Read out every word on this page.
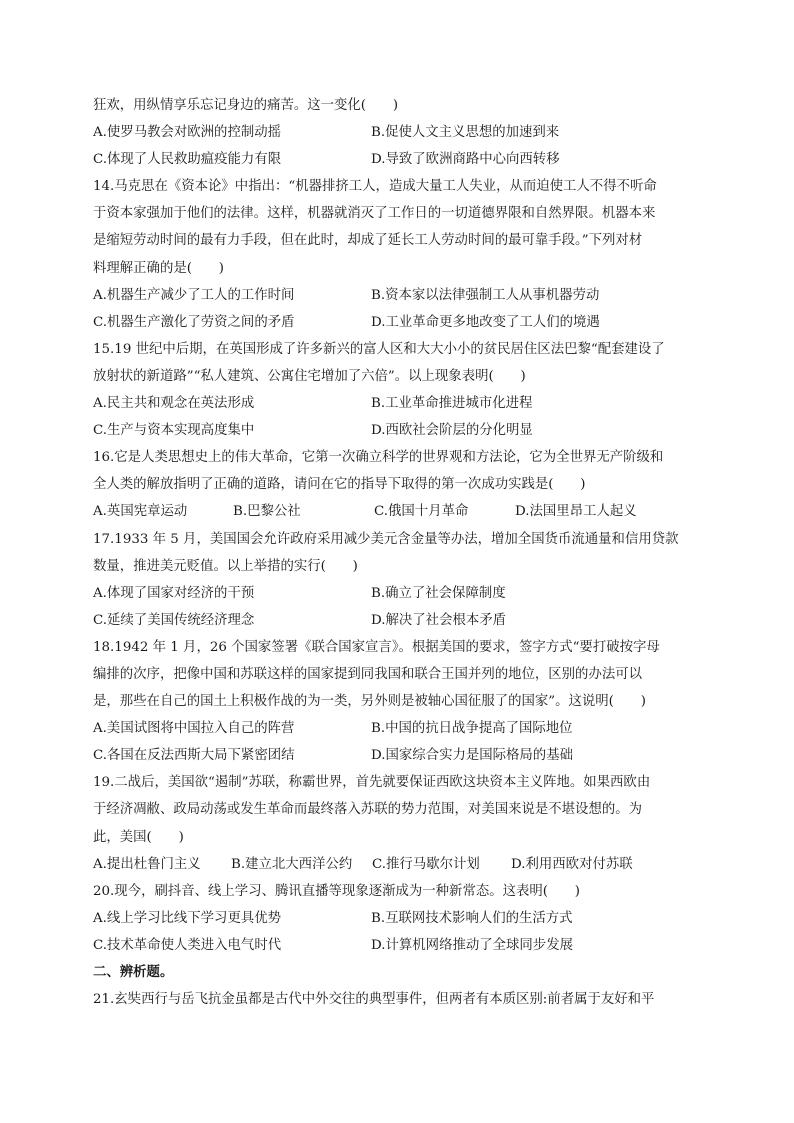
狂欢，用纵情享乐忘记身边的痛苦。这一变化(　　)
A.使罗马教会对欧洲的控制动摇	B.促使人文主义思想的加速到来
C.体现了人民救助瘟疫能力有限	D.导致了欧洲商路中心向西转移
14.马克思在《资本论》中指出：“机器排挤工人，造成大量工人失业，从而迫使工人不得不听命
于资本家强加于他们的法律。这样，机器就消灭了工作日的一切道德界限和自然界限。机器本来
是缩短劳动时间的最有力手段，但在此时，却成了延长工人劳动时间的最可靠手段。”下列对材
料理解正确的是(　　)
A.机器生产减少了工人的工作时间	B.资本家以法律强制工人从事机器劳动
C.机器生产激化了劳资之间的矛盾	D.工业革命更多地改变了工人们的境遇
15.19 世纪中后期，在英国形成了许多新兴的富人区和大大小小的贫民居住区法巴黎“配套建设了
放射状的新道路”“私人建筑、公寓住宅增加了六倍”。以上现象表明(　　)
A.民主共和观念在英法形成	B.工业革命推进城市化进程
C.生产与资本实现高度集中	D.西欧社会阶层的分化明显
16.它是人类思想史上的伟大革命，它第一次确立科学的世界观和方法论，它为全世界无产阶级和
全人类的解放指明了正确的道路，请问在它的指导下取得的第一次成功实践是(　　)
A.英国宪章运动	B.巴黎公社	C.俄国十月革命	D.法国里昂工人起义
17.1933 年 5 月，美国国会允许政府采用减少美元含金量等办法，增加全国货币流通量和信用贷款
数量，推进美元贬值。以上举措的实行(　　)
A.体现了国家对经济的干预	B.确立了社会保障制度
C.延续了美国传统经济理念	D.解决了社会根本矛盾
18.1942 年 1 月，26 个国家签署《联合国家宣言》。根据美国的要求，签字方式“要打破按字母
编排的次序，把像中国和苏联这样的国家提到同我国和联合王国并列的地位，区别的办法可以
是，那些在自己的国土上积极作战的为一类，另外则是被轴心国征服了的国家”。这说明(　　)
A.美国试图将中国拉入自己的阵营	B.中国的抗日战争提高了国际地位
C.各国在反法西斯大局下紧密团结	D.国家综合实力是国际格局的基础
19.二战后，美国欲“遏制”苏联，称霸世界，首先就要保证西欧这块资本主义阵地。如果西欧由
于经济凋敝、政局动荡或发生革命而最终落入苏联的势力范围，对美国来说是不堪设想的。为
此，美国(　　)
A.提出杜鲁门主义	B.建立北大西洋公约	C.推行马歇尔计划	D.利用西欧对付苏联
20.现今，刷抖音、线上学习、腾讯直播等现象逐渐成为一种新常态。这表明(　　)
A.线上学习比线下学习更具优势	B.互联网技术影响人们的生活方式
C.技术革命使人类进入电气时代	D.计算机网络推动了全球同步发展
二、辨析题。
21.玄奘西行与岳飞抗金虽都是古代中外交往的典型事件，但两者有本质区别:前者属于友好和平
